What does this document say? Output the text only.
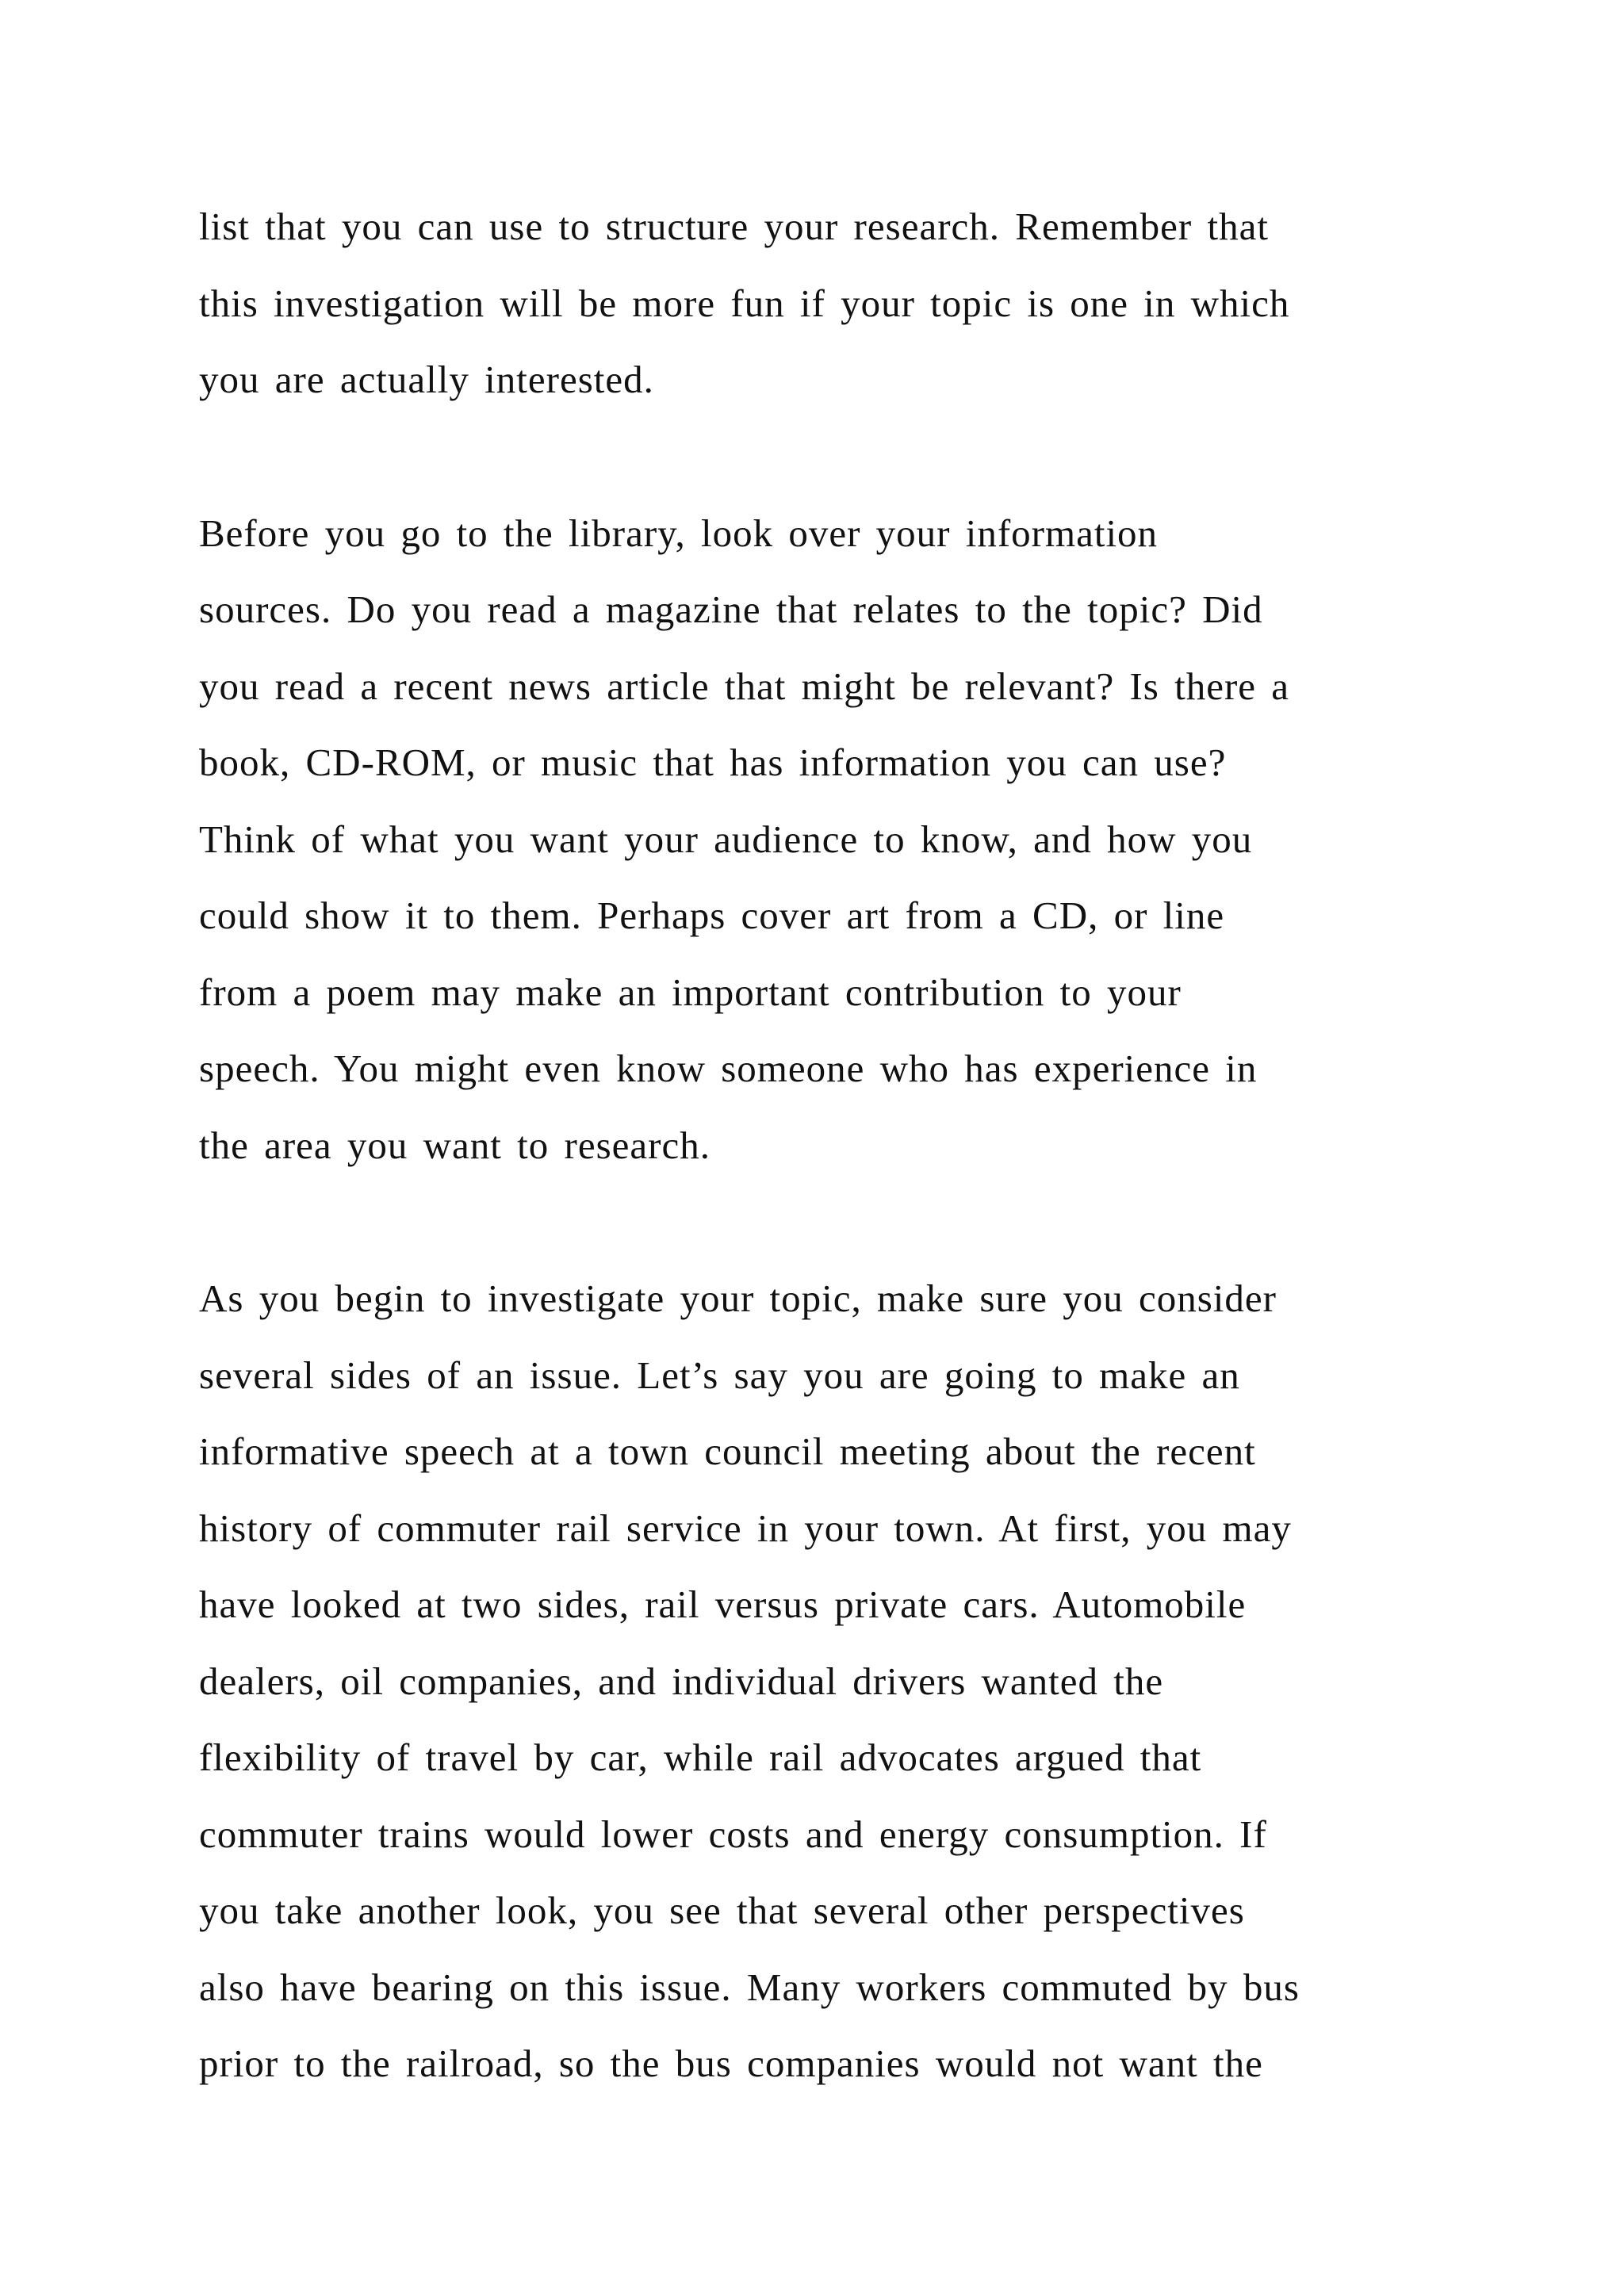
list that you can use to structure your research. Remember that
this investigation will be more fun if your topic is one in which
you are actually interested.
Before you go to the library, look over your information
sources. Do you read a magazine that relates to the topic? Did
you read a recent news article that might be relevant? Is there a
book, CD-ROM, or music that has information you can use?
Think of what you want your audience to know, and how you
could show it to them. Perhaps cover art from a CD, or line
from a poem may make an important contribution to your
speech. You might even know someone who has experience in
the area you want to research.
As you begin to investigate your topic, make sure you consider
several sides of an issue. Let’s say you are going to make an
informative speech at a town council meeting about the recent
history of commuter rail service in your town. At first, you may
have looked at two sides, rail versus private cars. Automobile
dealers, oil companies, and individual drivers wanted the
flexibility of travel by car, while rail advocates argued that
commuter trains would lower costs and energy consumption. If
you take another look, you see that several other perspectives
also have bearing on this issue. Many workers commuted by bus
prior to the railroad, so the bus companies would not want the
